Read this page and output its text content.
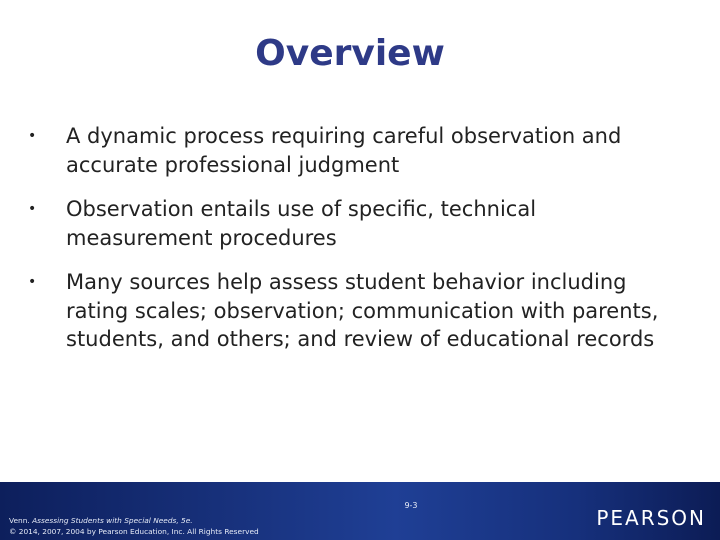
Overview
• A dynamic process requiring careful observation and accurate professional judgment
• Observation entails use of specific, technical measurement procedures
• Many sources help assess student behavior including rating scales; observation; communication with parents, students, and others; and review of educational records
Venn. Assessing Students with Special Needs, 5e.
© 2014, 2007, 2004 by Pearson Education, Inc. All Rights Reserved
9-3
PEARSON
